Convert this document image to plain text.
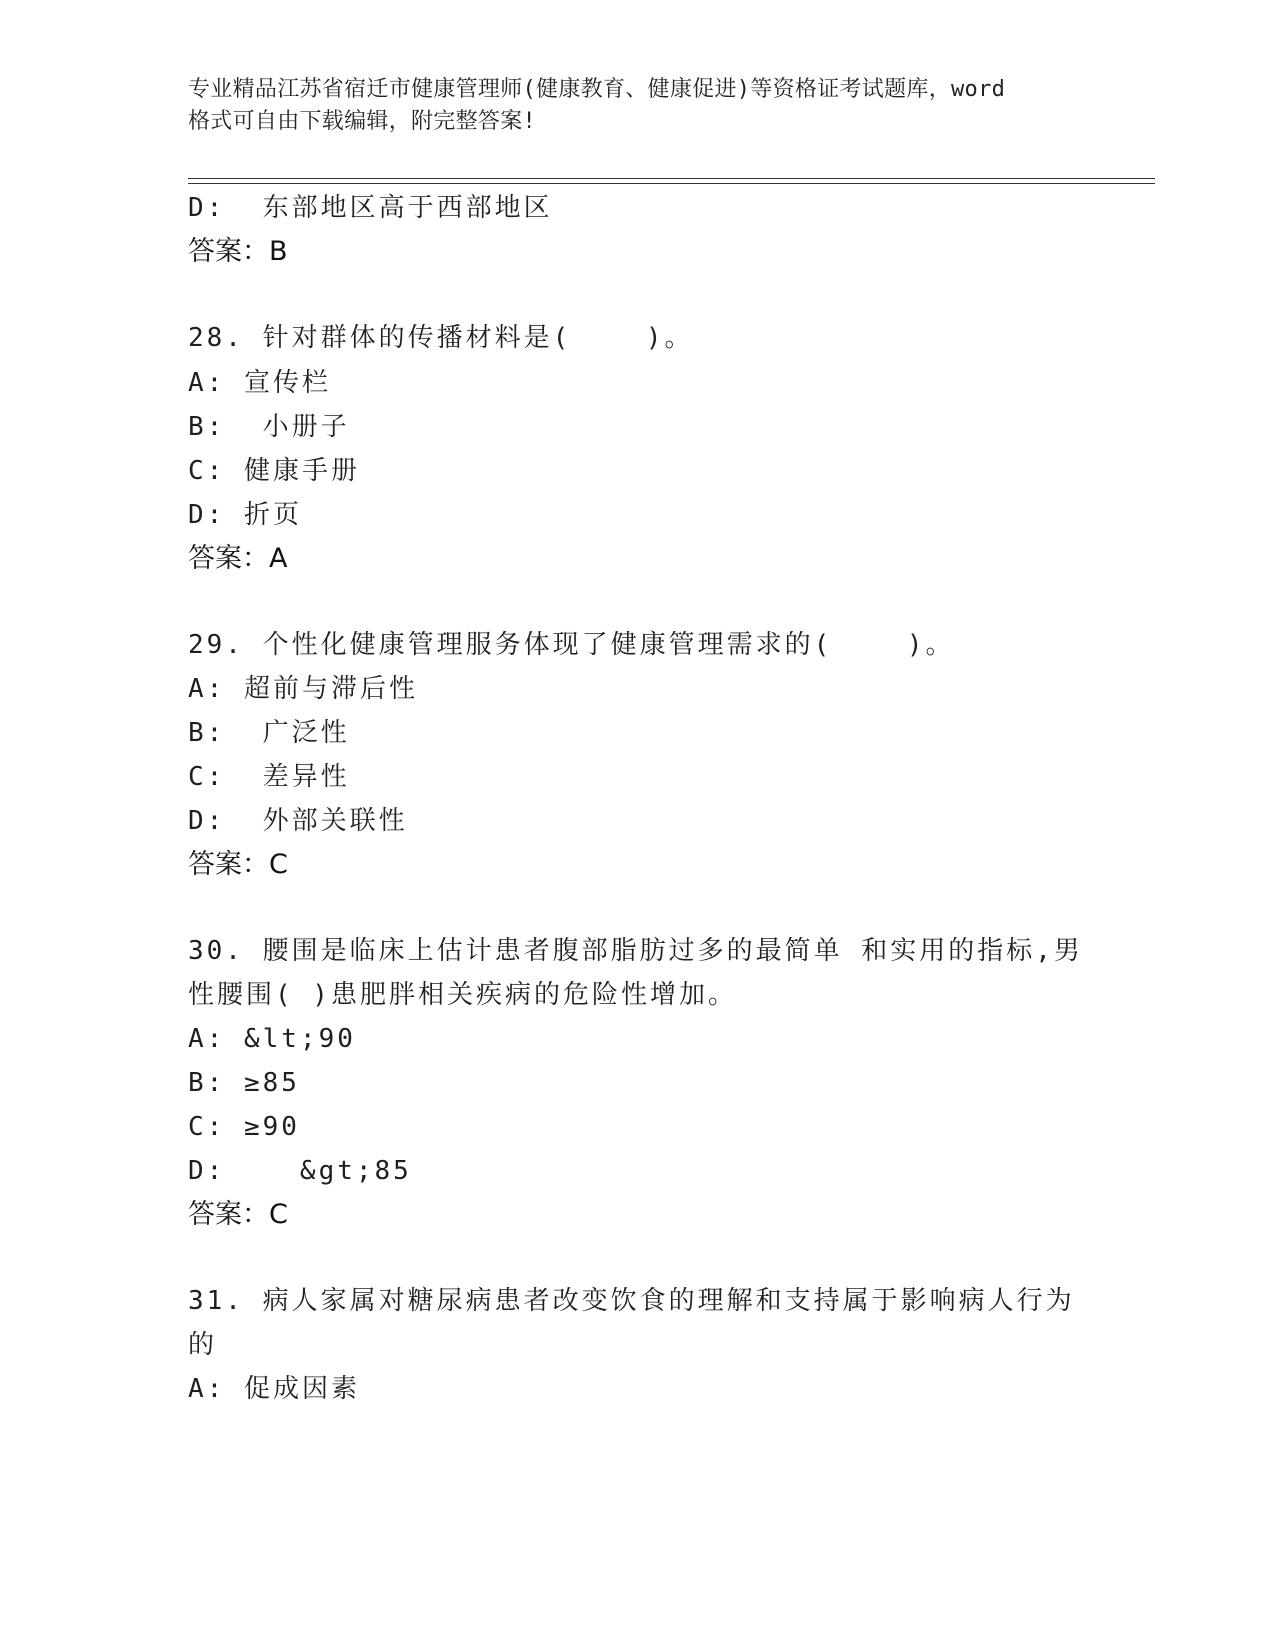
专业精品江苏省宿迁市健康管理师(健康教育、健康促进)等资格证考试题库，word
格式可自由下载编辑，附完整答案!
D:  东部地区高于西部地区
答案：B
28. 针对群体的传播材料是(    )。
A: 宣传栏
B:  小册子
C: 健康手册
D: 折页
答案：A
29. 个性化健康管理服务体现了健康管理需求的(    )。
A: 超前与滞后性
B:  广泛性
C:  差异性
D:  外部关联性
答案：C
30. 腰围是临床上估计患者腹部脂肪过多的最简单 和实用的指标,男
性腰围( )患肥胖相关疾病的危险性增加。
A: &lt;90
B: ≥85
C: ≥90
D:    &gt;85
答案：C
31. 病人家属对糖尿病患者改变饮食的理解和支持属于影响病人行为
的
A: 促成因素
